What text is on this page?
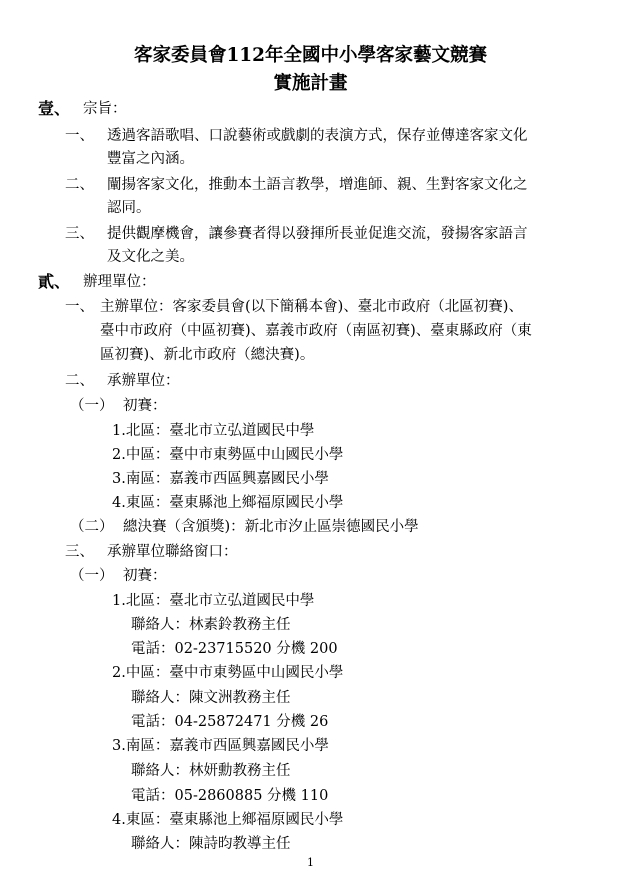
客家委員會112年全國中小學客家藝文競賽
實施計畫
壹、 宗旨：
一、 透過客語歌唱、口說藝術或戲劇的表演方式，保存並傳達客家文化
豐富之內涵。
二、 闡揚客家文化，推動本土語言教學，增進師、親、生對客家文化之
認同。
三、 提供觀摩機會，讓參賽者得以發揮所長並促進交流，發揚客家語言
及文化之美。
貳、 辦理單位：
一、 主辦單位：客家委員會(以下簡稱本會)、臺北市政府（北區初賽)、
臺中市政府（中區初賽)、嘉義市政府（南區初賽)、臺東縣政府（東
區初賽)、新北市政府（總決賽)。
二、 承辦單位：
（一） 初賽：
1.北區：臺北市立弘道國民中學
2.中區：臺中市東勢區中山國民小學
3.南區：嘉義市西區興嘉國民小學
4.東區：臺東縣池上鄉福原國民小學
（二） 總決賽（含頒獎)：新北市汐止區崇德國民小學
三、 承辦單位聯絡窗口：
（一） 初賽：
1.北區：臺北市立弘道國民中學
聯絡人：林素鈴教務主任
電話：02-23715520 分機 200
2.中區：臺中市東勢區中山國民小學
聯絡人：陳文洲教務主任
電話：04-25872471 分機 26
3.南區：嘉義市西區興嘉國民小學
聯絡人：林妍勳教務主任
電話：05-2860885 分機 110
4.東區：臺東縣池上鄉福原國民小學
聯絡人：陳詩昀教導主任
1
